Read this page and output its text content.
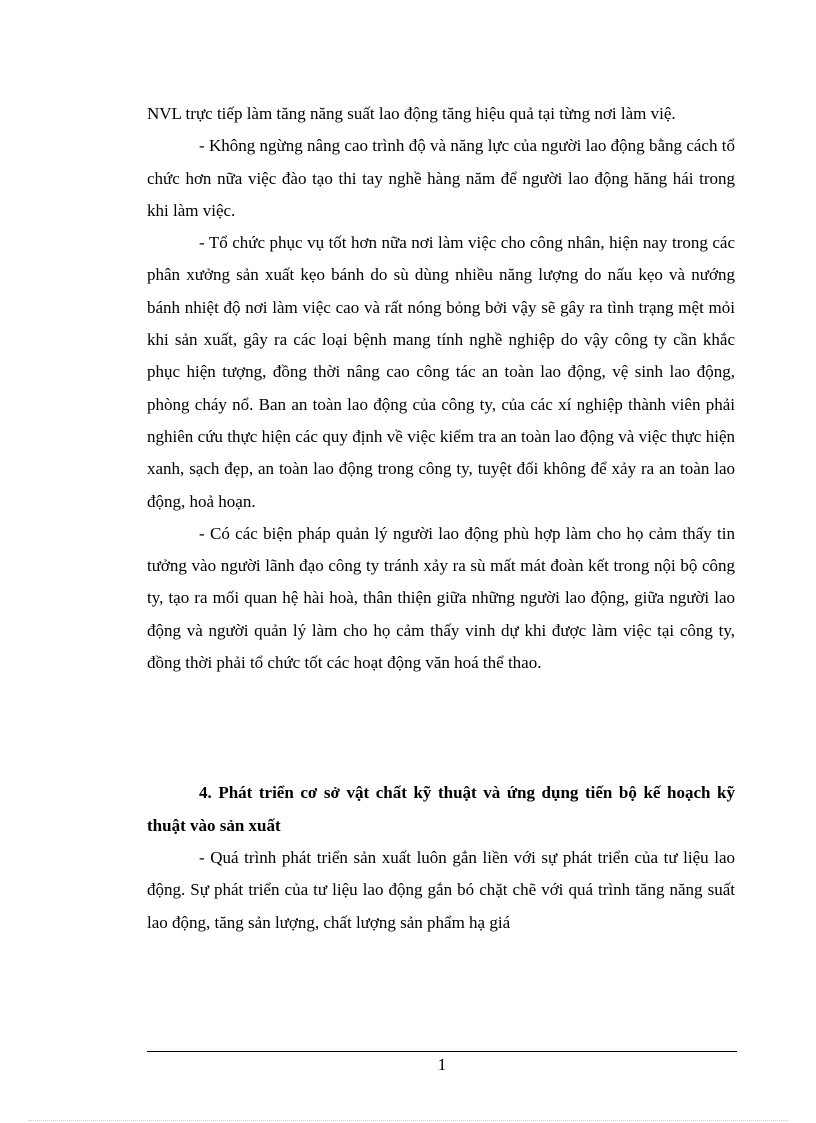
NVL trực tiếp làm tăng năng suất lao động tăng hiệu quả tại từng nơi làm việ.

- Không ngừng nâng cao trình độ và năng lực của người lao động bằng cách tổ chức hơn nữa việc đào tạo thi tay nghề hàng năm để người lao động hăng hái trong khi làm việc.

- Tổ chức phục vụ tốt hơn nữa nơi làm việc cho công nhân, hiện nay trong các phân xưởng sản xuất kẹo bánh do sù dùng nhiều năng lượng do nấu kẹo và nướng bánh nhiệt độ nơi làm việc cao và rất nóng bỏng bởi vậy sẽ gây ra tình trạng mệt mỏi khi sản xuất, gây ra các loại bệnh mang tính nghề nghiệp do vậy công ty cần khắc phục hiện tượng, đồng thời nâng cao công tác an toàn lao động, vệ sinh lao động, phòng cháy nổ. Ban an toàn lao động của công ty, của các xí nghiệp thành viên phải nghiên cứu thực hiện các quy định về việc kiểm tra an toàn lao động và việc thực hiện xanh, sạch đẹp, an toàn lao động trong công ty, tuyệt đối không để xảy ra an toàn lao động, hoả hoạn.

- Có các biện pháp quản lý người lao động phù hợp làm cho họ cảm thấy tin tưởng vào người lãnh đạo công ty tránh xảy ra sù mất mát đoàn kết trong nội bộ công ty, tạo ra mối quan hệ hài hoà, thân thiện giữa những người lao động, giữa người lao động và người quản lý làm cho họ cảm thấy vinh dự khi được làm việc tại công ty, đồng thời phải tổ chức tốt các hoạt động văn hoá thể thao.

4. Phát triển cơ sở vật chất kỹ thuật và ứng dụng tiến bộ kế hoạch kỹ thuật vào sản xuất

- Quá trình phát triển sản xuất luôn gắn liền với sự phát triển của tư liệu lao động. Sự phát triển của tư liệu lao động gắn bó chặt chẽ với quá trình tăng năng suất lao động, tăng sản lượng, chất lượng sản phẩm hạ giá

1
